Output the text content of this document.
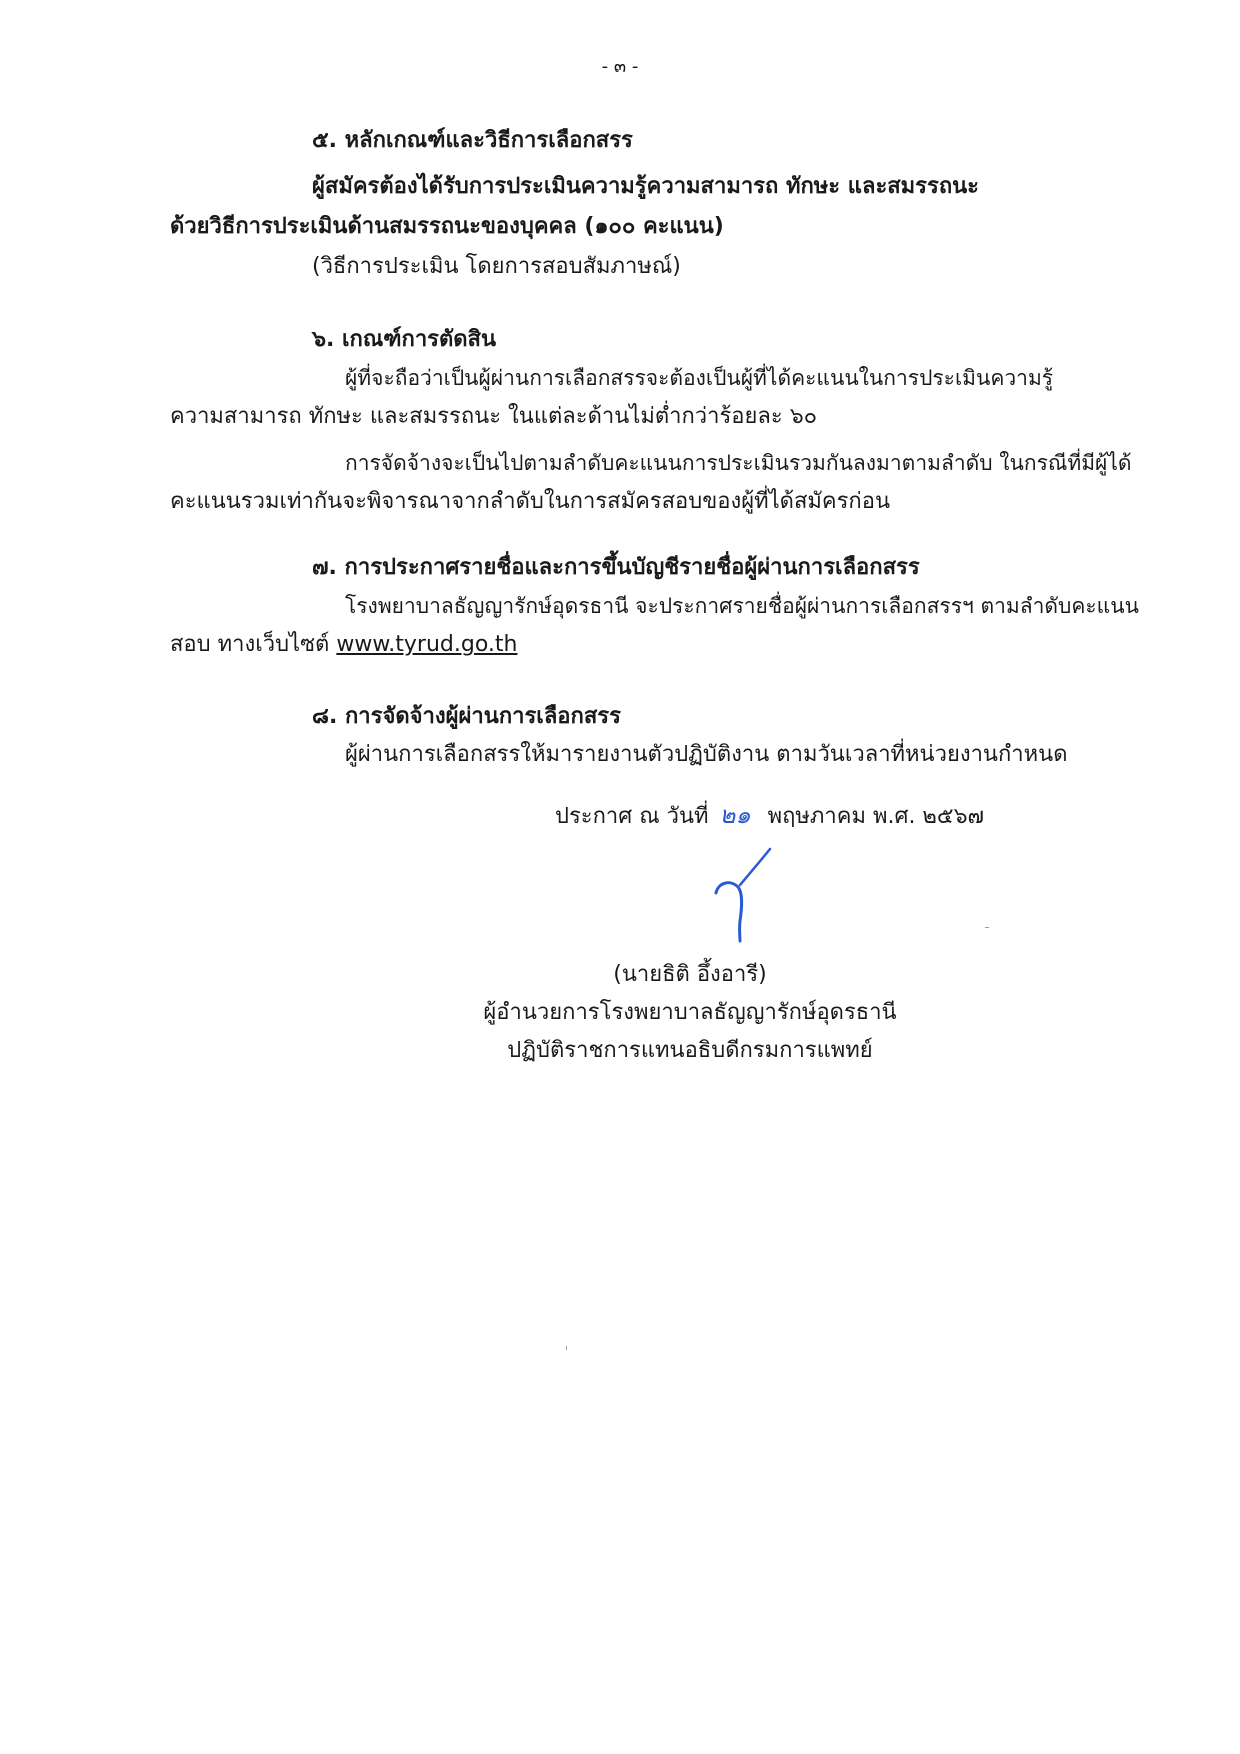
- ๓ -
๕. หลักเกณฑ์และวิธีการเลือกสรร
ผู้สมัครต้องได้รับการประเมินความรู้ความสามารถ ทักษะ และสมรรถนะ
ด้วยวิธีการประเมินด้านสมรรถนะของบุคคล (๑๐๐ คะแนน)
(วิธีการประเมิน โดยการสอบสัมภาษณ์)
๖. เกณฑ์การตัดสิน
ผู้ที่จะถือว่าเป็นผู้ผ่านการเลือกสรรจะต้องเป็นผู้ที่ได้คะแนนในการประเมินความรู้
ความสามารถ ทักษะ และสมรรถนะ ในแต่ละด้านไม่ต่ำกว่าร้อยละ ๖๐
การจัดจ้างจะเป็นไปตามลำดับคะแนนการประเมินรวมกันลงมาตามลำดับ ในกรณีที่มีผู้ได้
คะแนนรวมเท่ากันจะพิจารณาจากลำดับในการสมัครสอบของผู้ที่ได้สมัครก่อน
๗. การประกาศรายชื่อและการขึ้นบัญชีรายชื่อผู้ผ่านการเลือกสรร
โรงพยาบาลธัญญารักษ์อุดรธานี จะประกาศรายชื่อผู้ผ่านการเลือกสรรฯ ตามลำดับคะแนน
สอบ ทางเว็บไซต์ www.tyrud.go.th
๘. การจัดจ้างผู้ผ่านการเลือกสรร
ผู้ผ่านการเลือกสรรให้มารายงานตัวปฏิบัติงาน ตามวันเวลาที่หน่วยงานกำหนด
ประกาศ ณ วันที่ ๒๑ พฤษภาคม พ.ศ. ๒๕๖๗
(นายธิติ อึ้งอารี)
ผู้อำนวยการโรงพยาบาลธัญญารักษ์อุดรธานี
ปฏิบัติราชการแทนอธิบดีกรมการแพทย์
